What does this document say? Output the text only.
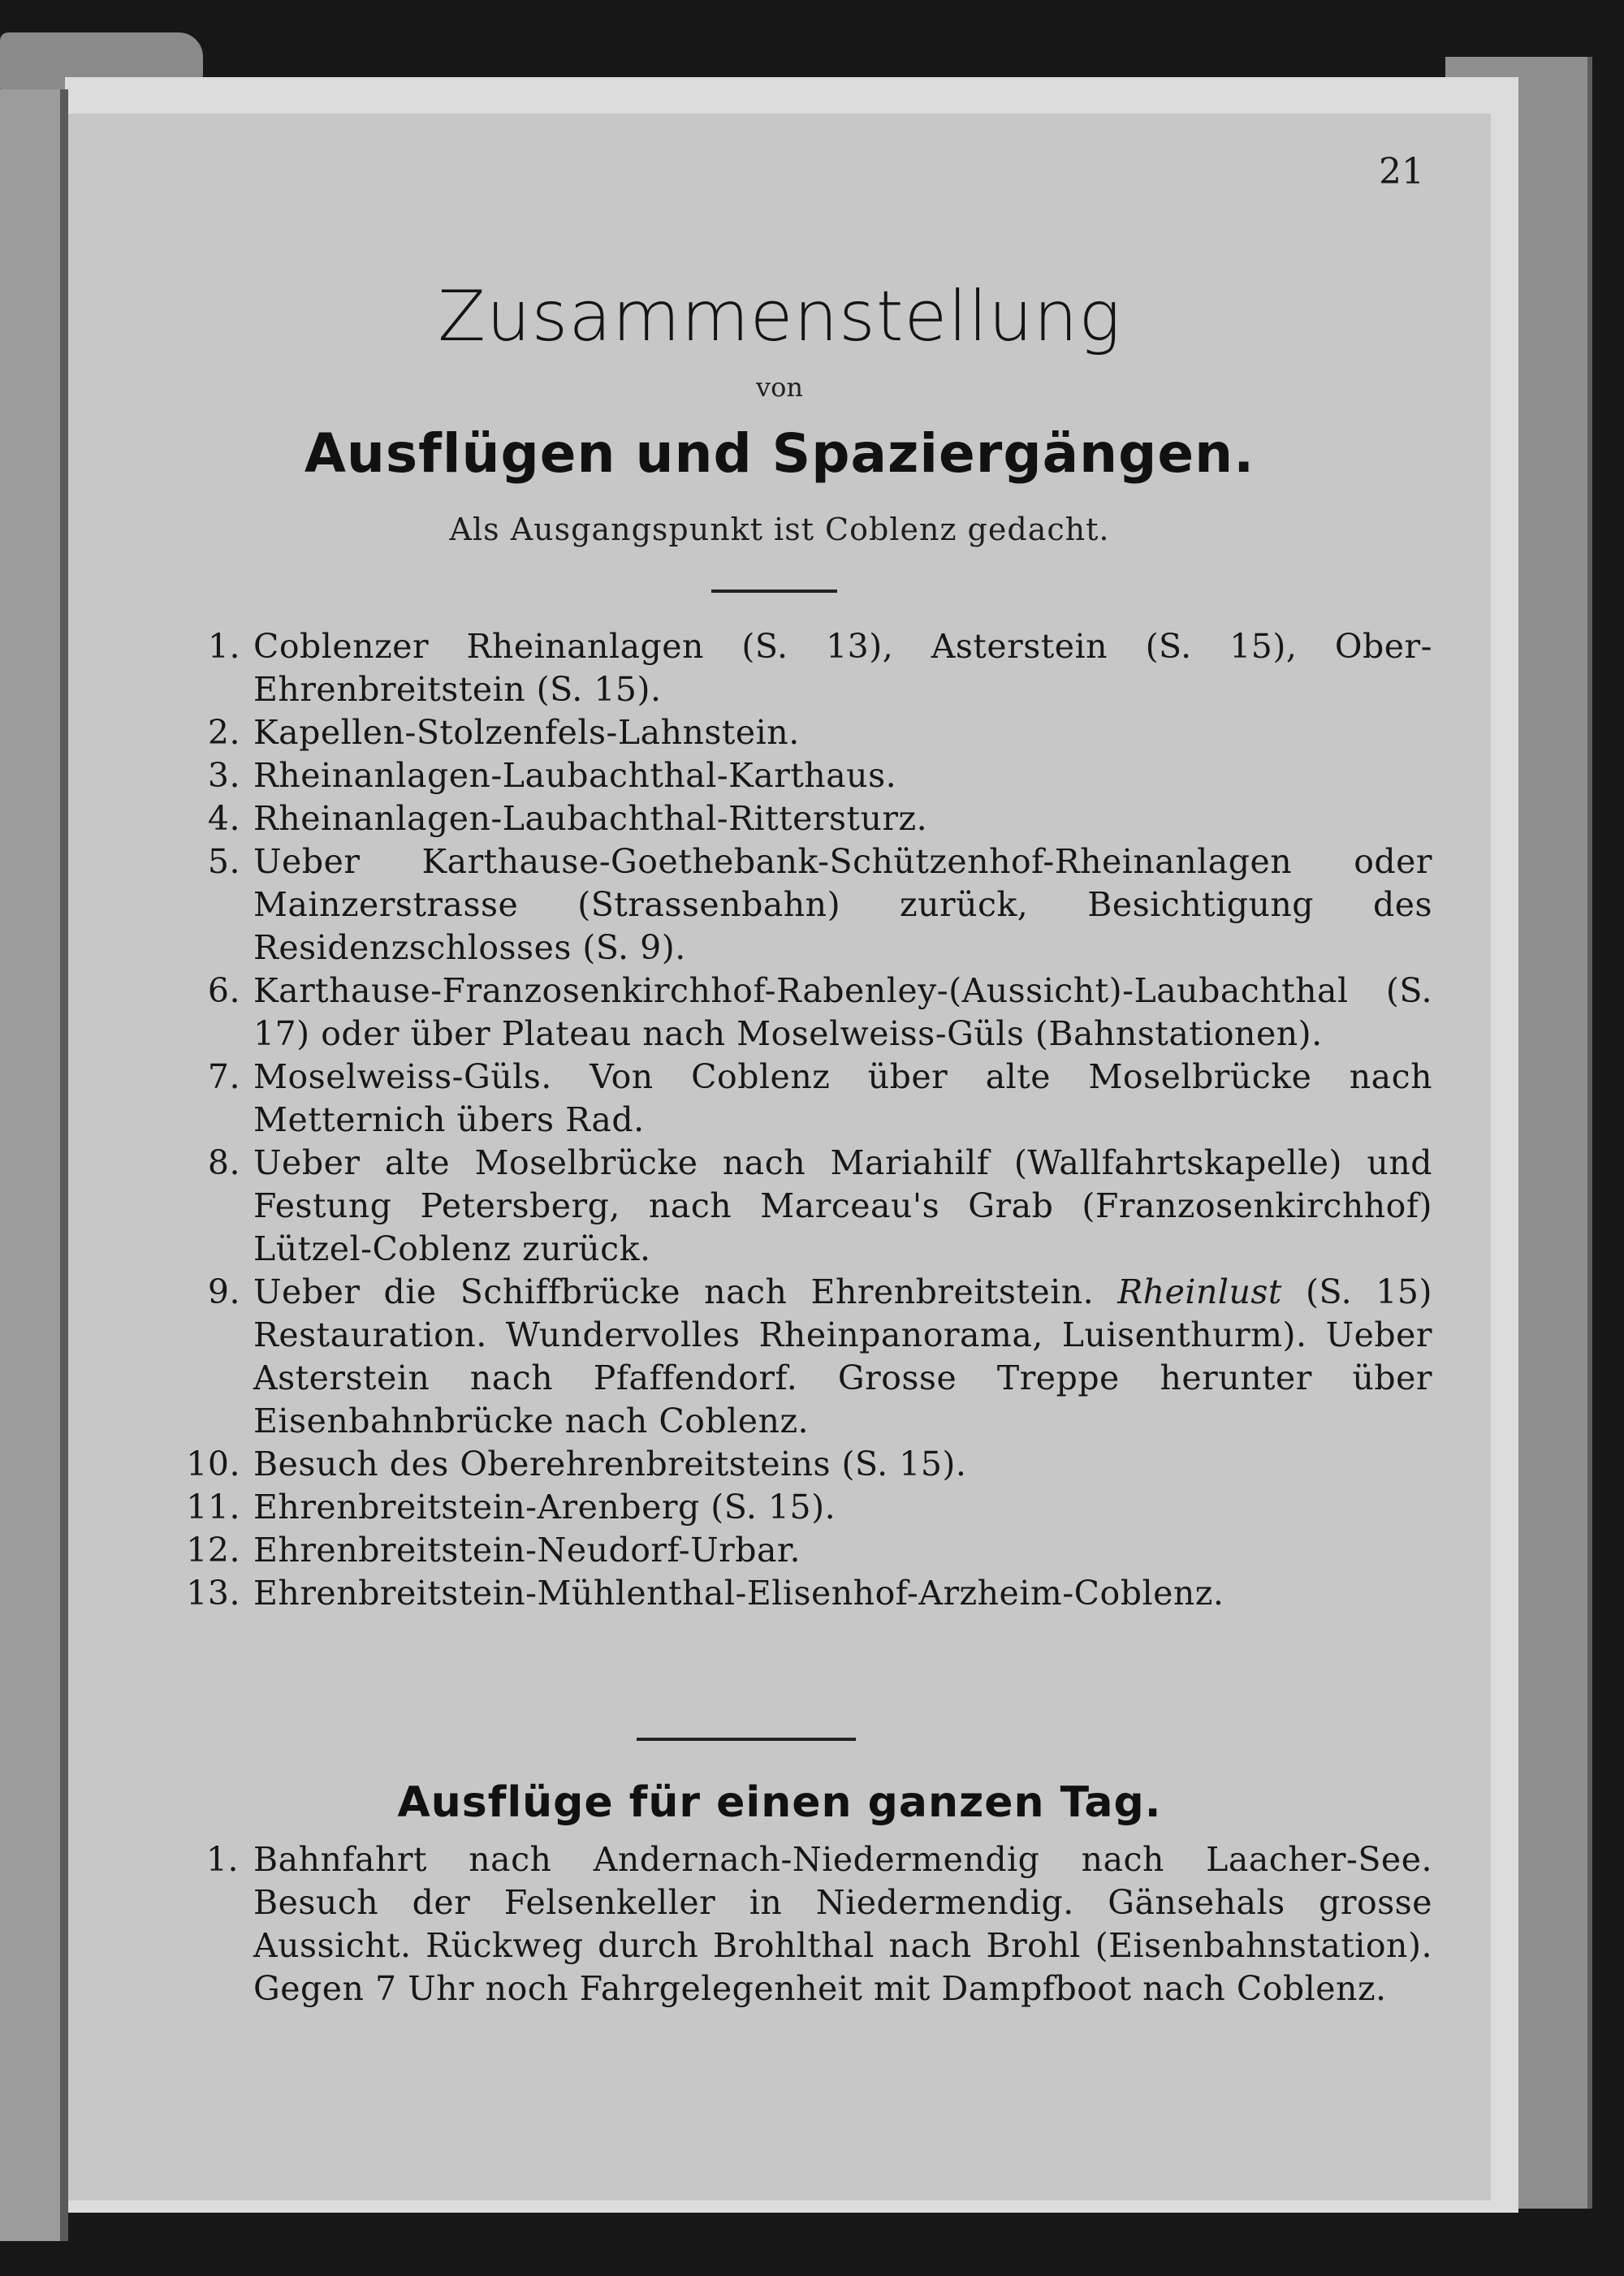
21
Zusammenstellung
von
Ausflügen und Spaziergängen.
Als Ausgangspunkt ist Coblenz gedacht.
1. Coblenzer Rheinanlagen (S. 13), Asterstein (S. 15), Ober-Ehrenbreitstein (S. 15).
2. Kapellen-Stolzenfels-Lahnstein.
3. Rheinanlagen-Laubachthal-Karthaus.
4. Rheinanlagen-Laubachthal-Rittersturz.
5. Ueber Karthause-Goethebank-Schützenhof-Rheinanlagen oder Mainzerstrasse (Strassenbahn) zurück, Besichtigung des Residenzschlosses (S. 9).
6. Karthause-Franzosenkirchhof-Rabenley-(Aussicht)-Laubachthal (S. 17) oder über Plateau nach Moselweiss-Güls (Bahnstationen).
7. Moselweiss-Güls. Von Coblenz über alte Moselbrücke nach Metternich übers Rad.
8. Ueber alte Moselbrücke nach Mariahilf (Wallfahrtskapelle) und Festung Petersberg, nach Marceau's Grab (Franzosenkirchhof) Lützel-Coblenz zurück.
9. Ueber die Schiffbrücke nach Ehrenbreitstein. Rheinlust (S. 15) Restauration. Wundervolles Rheinpanorama, Luisenthurm). Ueber Asterstein nach Pfaffendorf. Grosse Treppe herunter über Eisenbahnbrücke nach Coblenz.
10. Besuch des Oberehrenbreitsteins (S. 15).
11. Ehrenbreitstein-Arenberg (S. 15).
12. Ehrenbreitstein-Neudorf-Urbar.
13. Ehrenbreitstein-Mühlenthal-Elisenhof-Arzheim-Coblenz.
Ausflüge für einen ganzen Tag.
1. Bahnfahrt nach Andernach-Niedermendig nach Laacher-See. Besuch der Felsenkeller in Niedermendig. Gänsehals grosse Aussicht. Rückweg durch Brohlthal nach Brohl (Eisenbahnstation). Gegen 7 Uhr noch Fahrgelegenheit mit Dampfboot nach Coblenz.
